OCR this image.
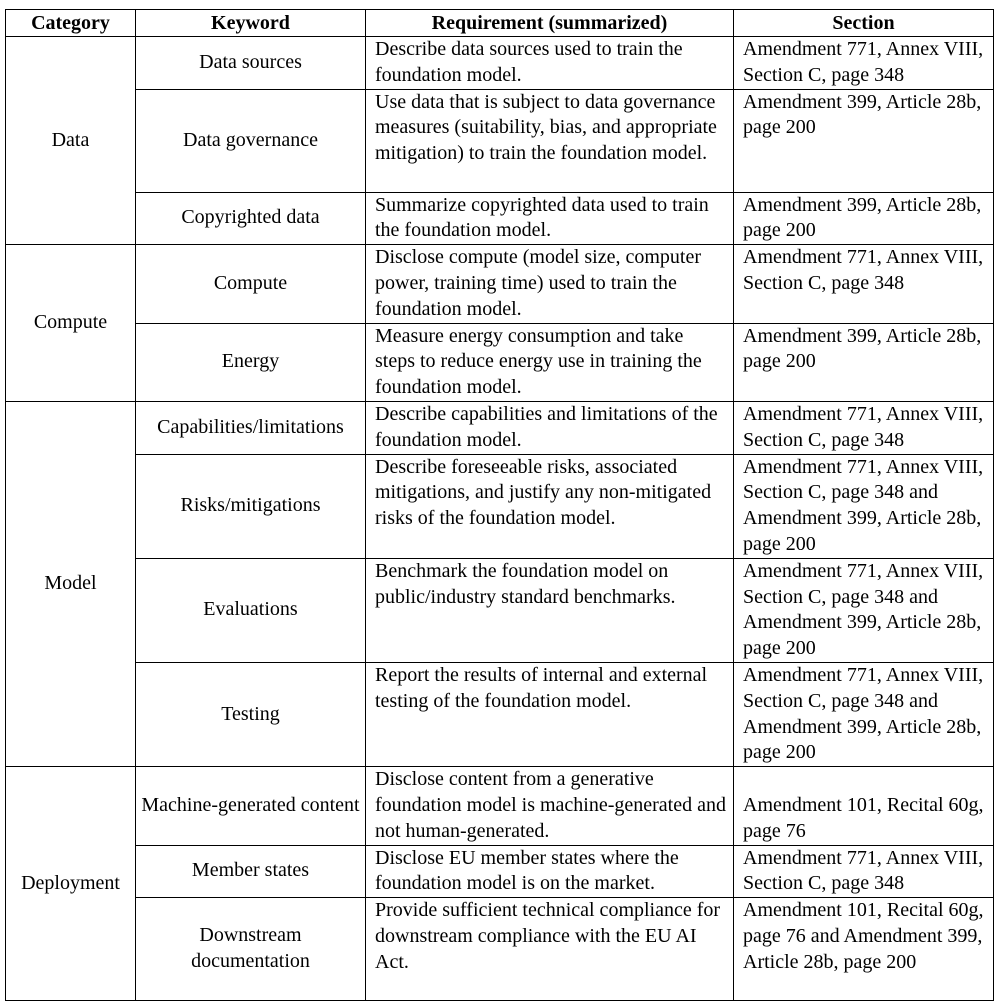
Category	Keyword	Requirement (summarized)	Section
Data	Data sources	Describe data sources used to train the foundation model.	Amendment 771, Annex VIII, Section C, page 348
	Data governance	Use data that is subject to data governance measures (suitability, bias, and appropriate mitigation) to train the foundation model.	Amendment 399, Article 28b, page 200
	Copyrighted data	Summarize copyrighted data used to train the foundation model.	Amendment 399, Article 28b, page 200
Compute	Compute	Disclose compute (model size, computer power, training time) used to train the foundation model.	Amendment 771, Annex VIII, Section C, page 348
	Energy	Measure energy consumption and take steps to reduce energy use in training the foundation model.	Amendment 399, Article 28b, page 200
Model	Capabilities/limitations	Describe capabilities and limitations of the foundation model.	Amendment 771, Annex VIII, Section C, page 348
	Risks/mitigations	Describe foreseeable risks, associated mitigations, and justify any non-mitigated risks of the foundation model.	Amendment 771, Annex VIII, Section C, page 348 and Amendment 399, Article 28b, page 200
	Evaluations	Benchmark the foundation model on public/industry standard benchmarks.	Amendment 771, Annex VIII, Section C, page 348 and Amendment 399, Article 28b, page 200
	Testing	Report the results of internal and external testing of the foundation model.	Amendment 771, Annex VIII, Section C, page 348 and Amendment 399, Article 28b, page 200
Deployment	Machine-generated content	Disclose content from a generative foundation model is machine-generated and not human-generated.	Amendment 101, Recital 60g, page 76
	Member states	Disclose EU member states where the foundation model is on the market.	Amendment 771, Annex VIII, Section C, page 348
	Downstream documentation	Provide sufficient technical compliance for downstream compliance with the EU AI Act.	Amendment 101, Recital 60g, page 76 and Amendment 399, Article 28b, page 200
